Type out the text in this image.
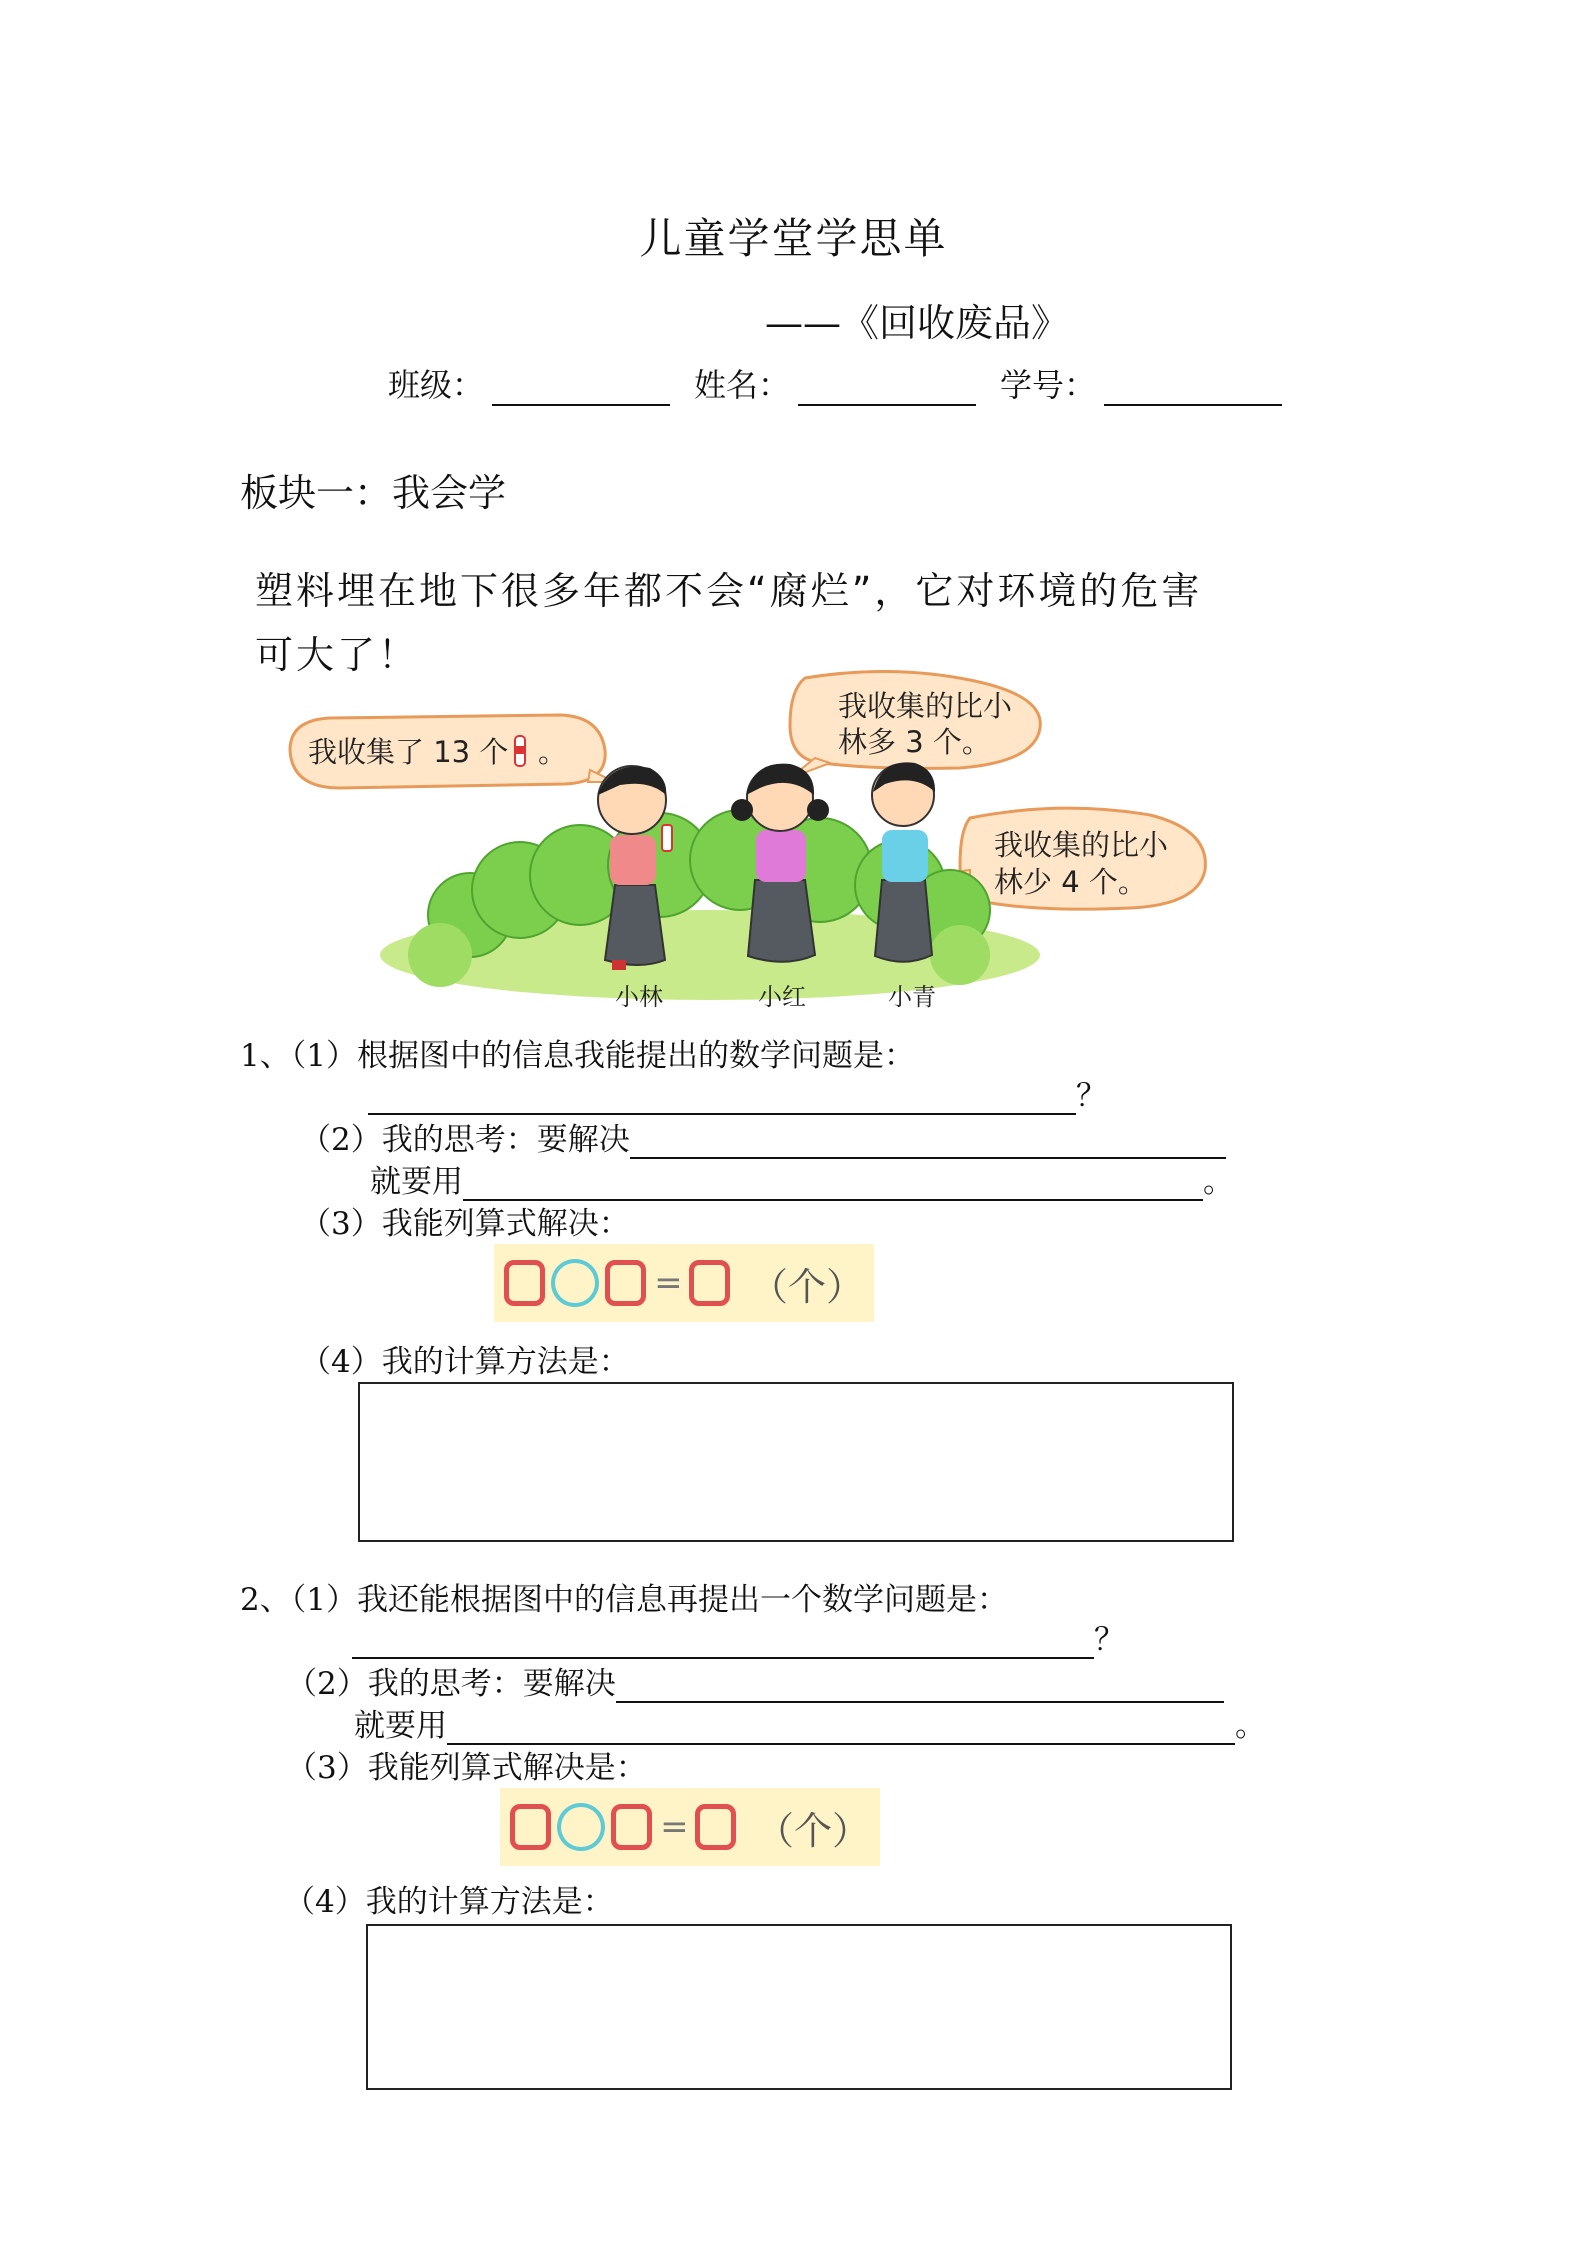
儿童学堂学思单
——《回收废品》
班级：	姓名：	学号：
板块一：我会学
塑料埋在地下很多年都不会“腐烂”，它对环境的危害
可大了！
我收集了 13 个 。
我收集的比小
林多 3 个。
我收集的比小
林少 4 个。
小林	小红	小青
1、（1）根据图中的信息我能提出的数学问题是：
？
（2）我的思考：要解决
就要用	。
（3）我能列算式解决：
= （个）
（4）我的计算方法是：
2、（1）我还能根据图中的信息再提出一个数学问题是：
？
（2）我的思考：要解决
就要用	。
（3）我能列算式解决是：
= （个）
（4）我的计算方法是：
